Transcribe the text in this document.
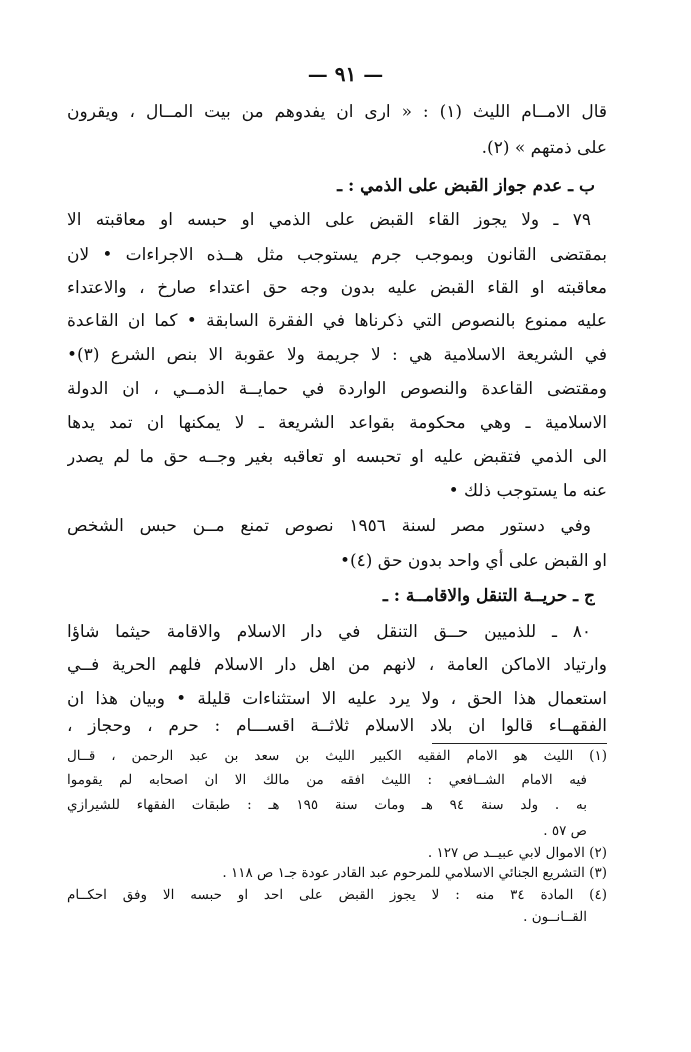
— ٩١ —
قال الامــام الليث (١) : « ارى ان يفدوهم من بيت المــال ، ويقرون
على ذمتهم » (٢).
ب ـ عدم جواز القبض على الذمي : ـ
٧٩ ـ ولا يجوز القاء القبض على الذمي او حبسه او معاقبته الا
بمقتضى القانون وبموجب جرم يستوجب مثل هــذه الاجراءات • لان
معاقبته او القاء القبض عليه بدون وجه حق اعتداء صارخ ، والاعتداء
عليه ممنوع بالنصوص التي ذكرناها في الفقرة السابقة • كما ان القاعدة
في الشريعة الاسلامية هي : لا جريمة ولا عقوبة الا بنص الشرع (٣)•
ومقتضى القاعدة والنصوص الواردة في حمايــة الذمــي ، ان الدولة
الاسلامية ـ وهي محكومة بقواعد الشريعة ـ لا يمكنها ان تمد يدها
الى الذمي فتقبض عليه او تحبسه او تعاقبه بغير وجــه حق ما لم يصدر
عنه ما يستوجب ذلك •
وفي دستور مصر لسنة ١٩٥٦ نصوص تمنع مــن حبس الشخص
او القبض على أي واحد بدون حق (٤)•
ج ـ حريــة التنقل والاقامــة : ـ
٨٠ ـ للذميين حــق التنقل في دار الاسلام والاقامة حيثما شاؤا
وارتياد الاماكن العامة ، لانهم من اهل دار الاسلام فلهم الحرية فــي
استعمال هذا الحق ، ولا يرد عليه الا استثناءات قليلة • وبيان هذا ان
الفقهــاء قالوا ان بلاد الاسلام ثلاثــة اقســـام : حرم ، وحجاز ،
(١) الليث هو الامام الفقيه الكبير الليث بن سعد بن عبد الرحمن ، قــال
فيه الامام الشــافعي : الليث افقه من مالك الا ان اصحابه لم يقوموا
به . ولد سنة ٩٤ هـ ومات سنة ١٩٥ هـ : طبقات الفقهاء للشيرازي
ص ٥٧ .
(٢) الاموال لابي عبيــد ص ١٢٧ .
(٣) التشريع الجنائي الاسلامي للمرحوم عبد القادر عودة جـ١ ص ١١٨ .
(٤) المادة ٣٤ منه : لا يجوز القبض على احد او حبسه الا وفق احكــام
القــانــون .
